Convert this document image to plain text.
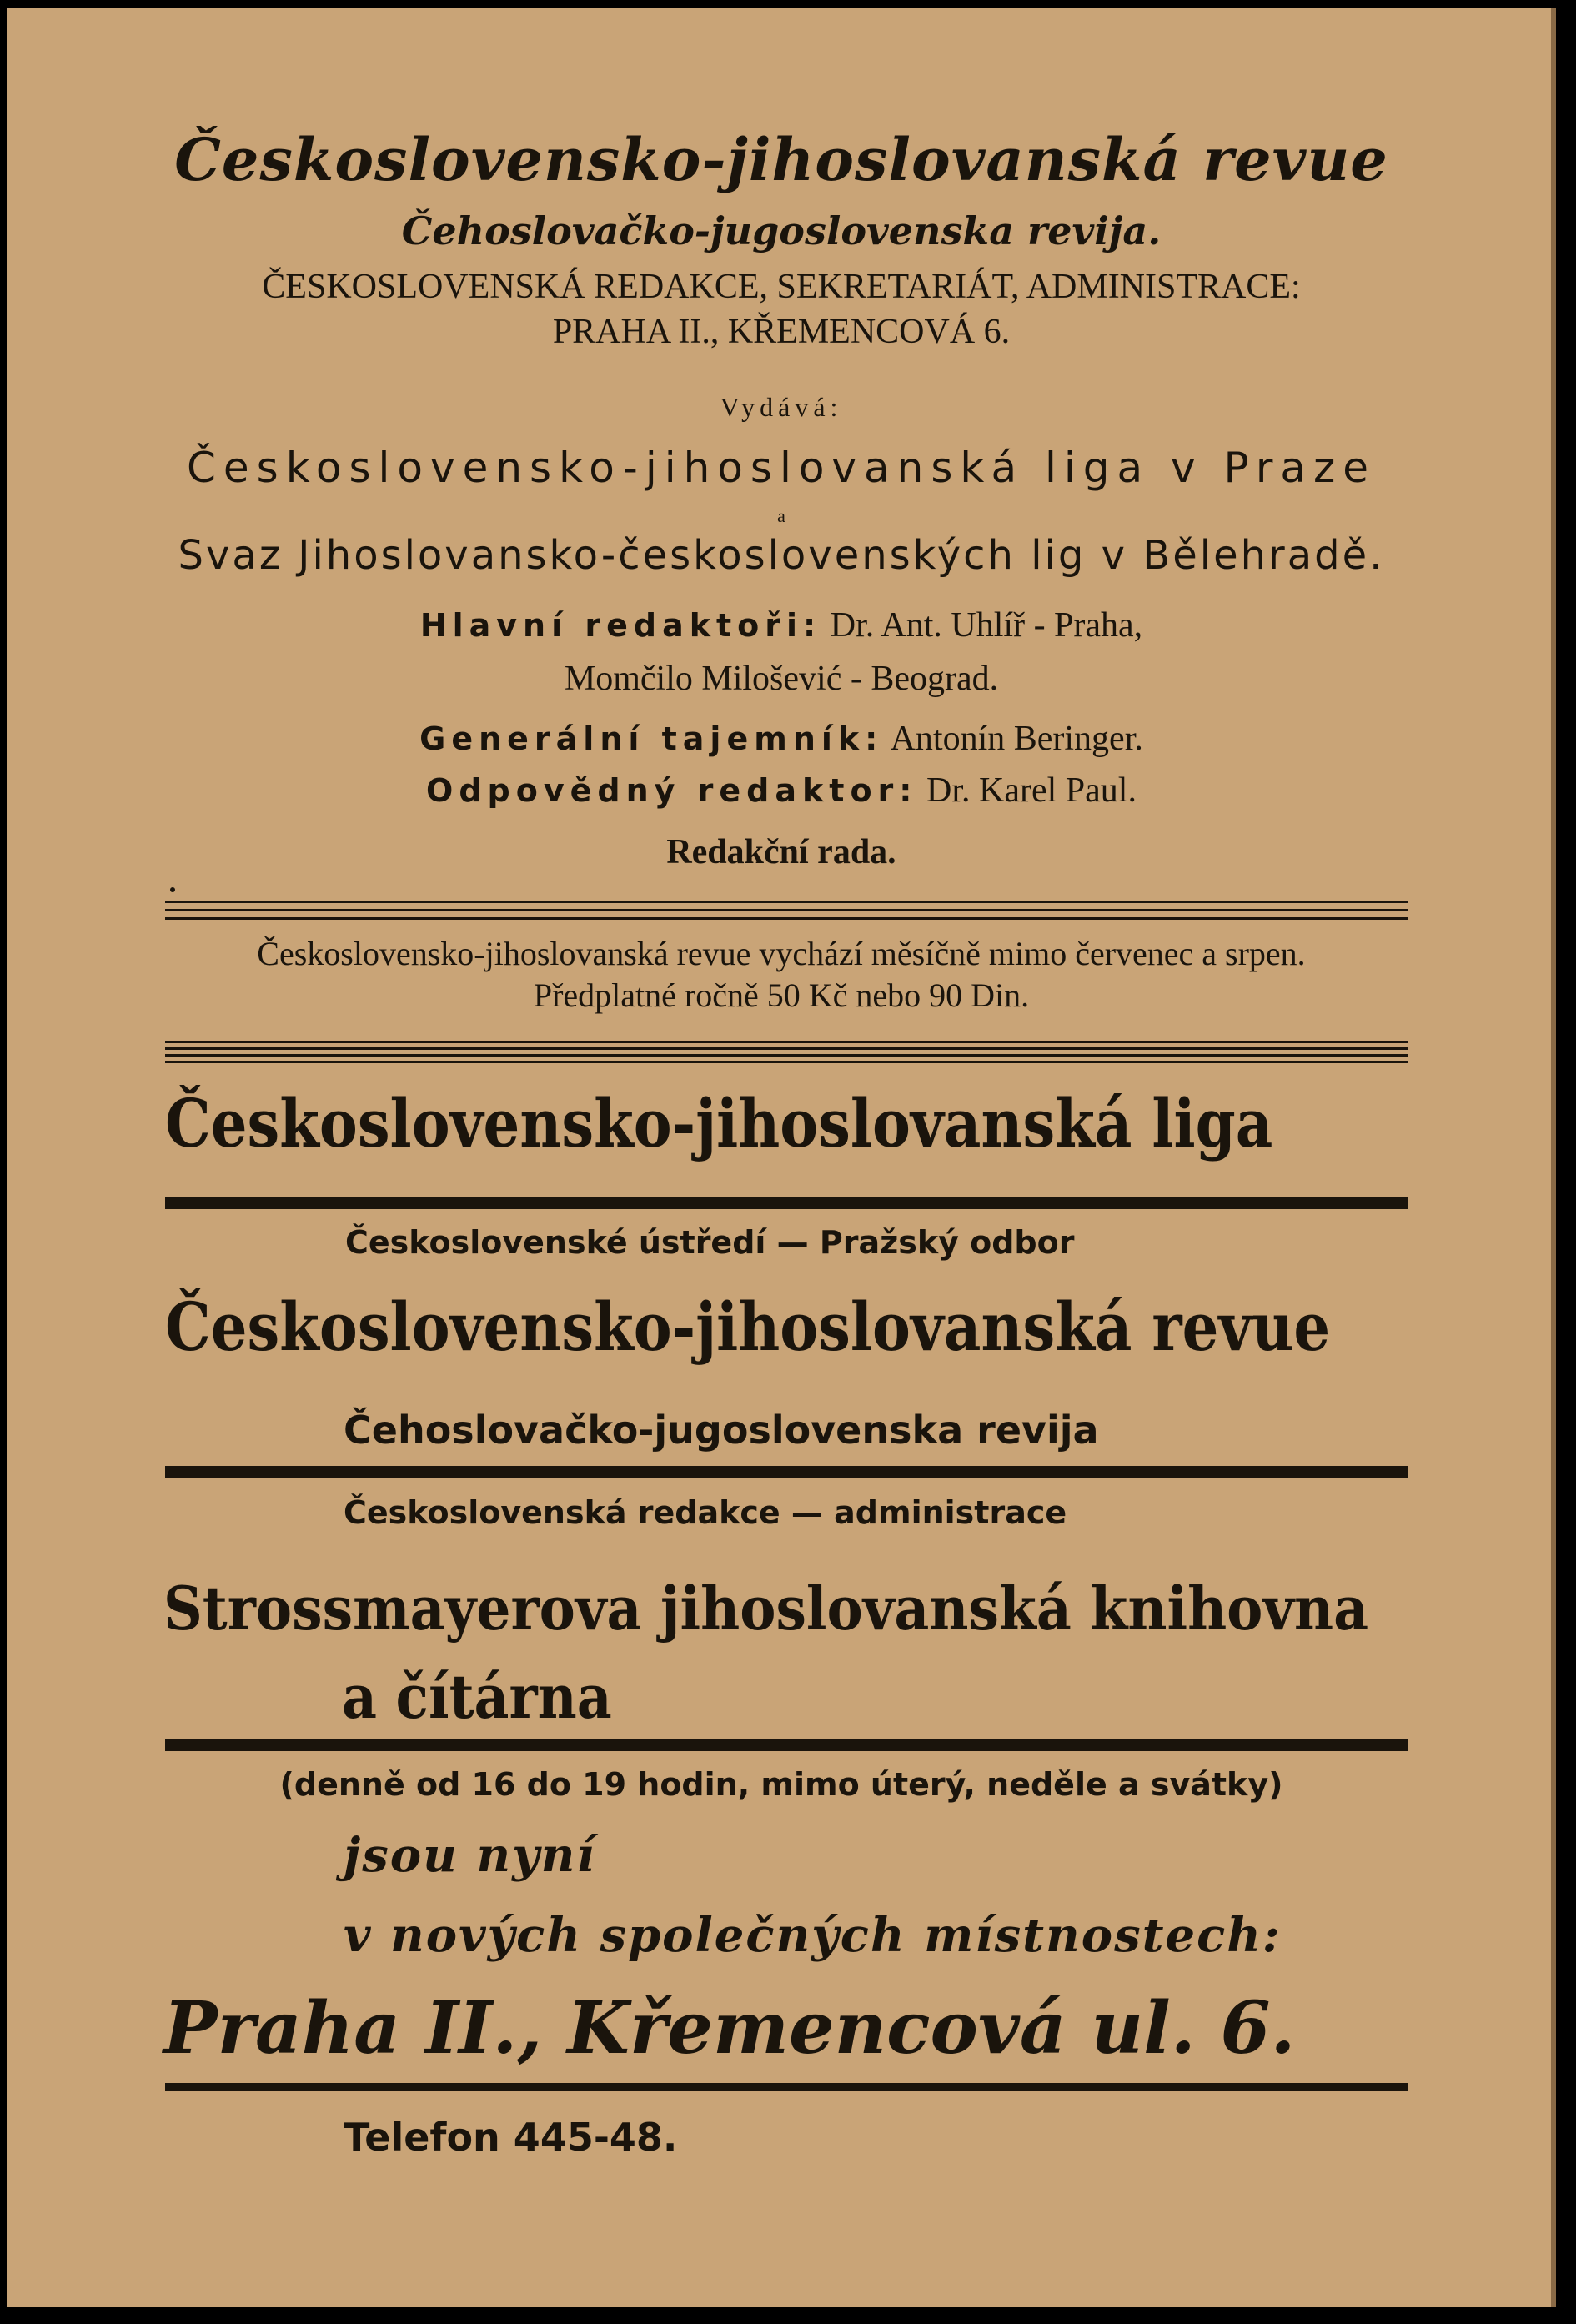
Československo-jihoslovanská revue
Čehoslovačko-jugoslovenska revija.
ČESKOSLOVENSKÁ REDAKCE, SEKRETARIÁT, ADMINISTRACE:
PRAHA II., KŘEMENCOVÁ 6.
Vydává:
Československo-jihoslovanská liga v Praze
a
Svaz Jihoslovansko-československých lig v Bělehradě.
Hlavní redaktoři: Dr. Ant. Uhlíř - Praha,
Momčilo Milošević - Beograd.
Generální tajemník: Antonín Beringer.
Odpovědný redaktor: Dr. Karel Paul.
Redakční rada.
Československo-jihoslovanská revue vychází měsíčně mimo červenec a srpen.
Předplatné ročně 50 Kč nebo 90 Din.
Československo-jihoslovanská liga
Československé ústředí — Pražský odbor
Československo-jihoslovanská revue
Čehoslovačko-jugoslovenska revija
Československá redakce — administrace
Strossmayerova jihoslovanská knihovna
a čítárna
(denně od 16 do 19 hodin, mimo úterý, neděle a svátky)
jsou nyní
v nových společných místnostech:
Praha II., Křemencová ul. 6.
Telefon 445-48.
